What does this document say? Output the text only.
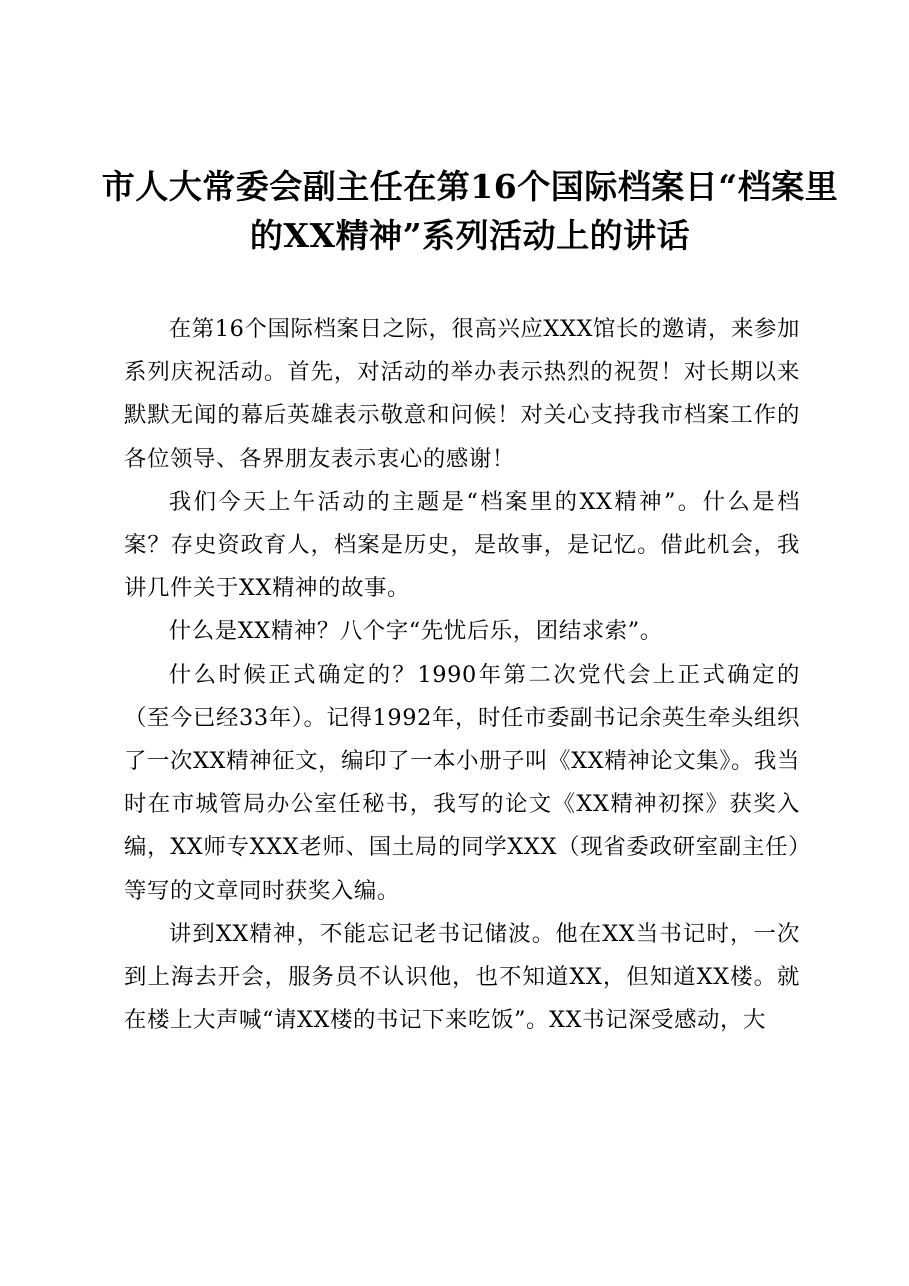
市人大常委会副主任在第16个国际档案日“档案里的XX精神”系列活动上的讲话

在第16个国际档案日之际，很高兴应XXX馆长的邀请，来参加系列庆祝活动。首先，对活动的举办表示热烈的祝贺！对长期以来默默无闻的幕后英雄表示敬意和问候！对关心支持我市档案工作的各位领导、各界朋友表示衷心的感谢！

我们今天上午活动的主题是“档案里的XX精神”。什么是档案？存史资政育人，档案是历史，是故事，是记忆。借此机会，我讲几件关于XX精神的故事。

什么是XX精神？八个字“先忧后乐，团结求索”。

什么时候正式确定的？1990年第二次党代会上正式确定的（至今已经33年）。记得1992年，时任市委副书记余英生牵头组织了一次XX精神征文，编印了一本小册子叫《XX精神论文集》。我当时在市城管局办公室任秘书，我写的论文《XX精神初探》获奖入编，XX师专XXX老师、国土局的同学XXX（现省委政研室副主任）等写的文章同时获奖入编。

讲到XX精神，不能忘记老书记储波。他在XX当书记时，一次到上海去开会，服务员不认识他，也不知道XX，但知道XX楼。就在楼上大声喊“请XX楼的书记下来吃饭”。XX书记深受感动，大
